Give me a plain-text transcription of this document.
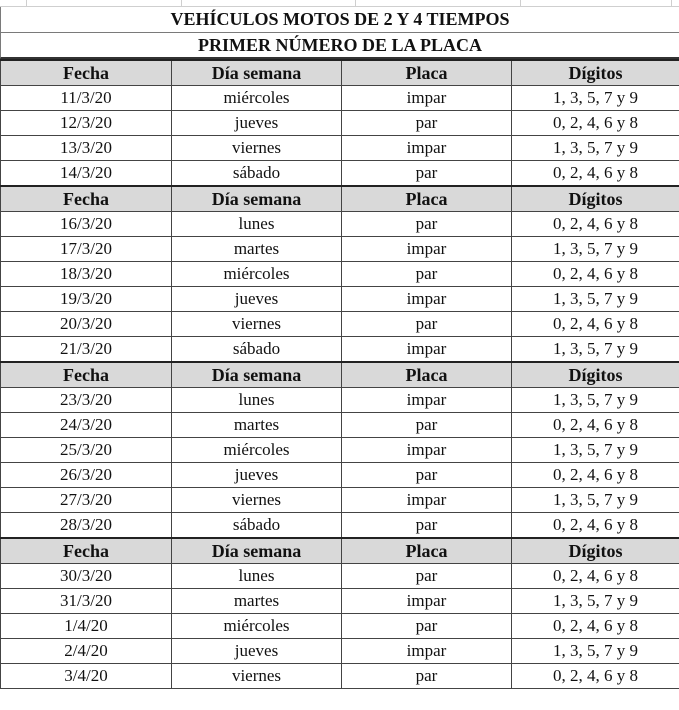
VEHÍCULOS MOTOS DE 2 Y 4 TIEMPOS
PRIMER NÚMERO DE LA PLACA
Fecha	Día semana	Placa	Dígitos
11/3/20	miércoles	impar	1, 3, 5, 7 y 9
12/3/20	jueves	par	0, 2, 4, 6 y 8
13/3/20	viernes	impar	1, 3, 5, 7 y 9
14/3/20	sábado	par	0, 2, 4, 6 y 8
Fecha	Día semana	Placa	Dígitos
16/3/20	lunes	par	0, 2, 4, 6 y 8
17/3/20	martes	impar	1, 3, 5, 7 y 9
18/3/20	miércoles	par	0, 2, 4, 6 y 8
19/3/20	jueves	impar	1, 3, 5, 7 y 9
20/3/20	viernes	par	0, 2, 4, 6 y 8
21/3/20	sábado	impar	1, 3, 5, 7 y 9
Fecha	Día semana	Placa	Dígitos
23/3/20	lunes	impar	1, 3, 5, 7 y 9
24/3/20	martes	par	0, 2, 4, 6 y 8
25/3/20	miércoles	impar	1, 3, 5, 7 y 9
26/3/20	jueves	par	0, 2, 4, 6 y 8
27/3/20	viernes	impar	1, 3, 5, 7 y 9
28/3/20	sábado	par	0, 2, 4, 6 y 8
Fecha	Día semana	Placa	Dígitos
30/3/20	lunes	par	0, 2, 4, 6 y 8
31/3/20	martes	impar	1, 3, 5, 7 y 9
1/4/20	miércoles	par	0, 2, 4, 6 y 8
2/4/20	jueves	impar	1, 3, 5, 7 y 9
3/4/20	viernes	par	0, 2, 4, 6 y 8
